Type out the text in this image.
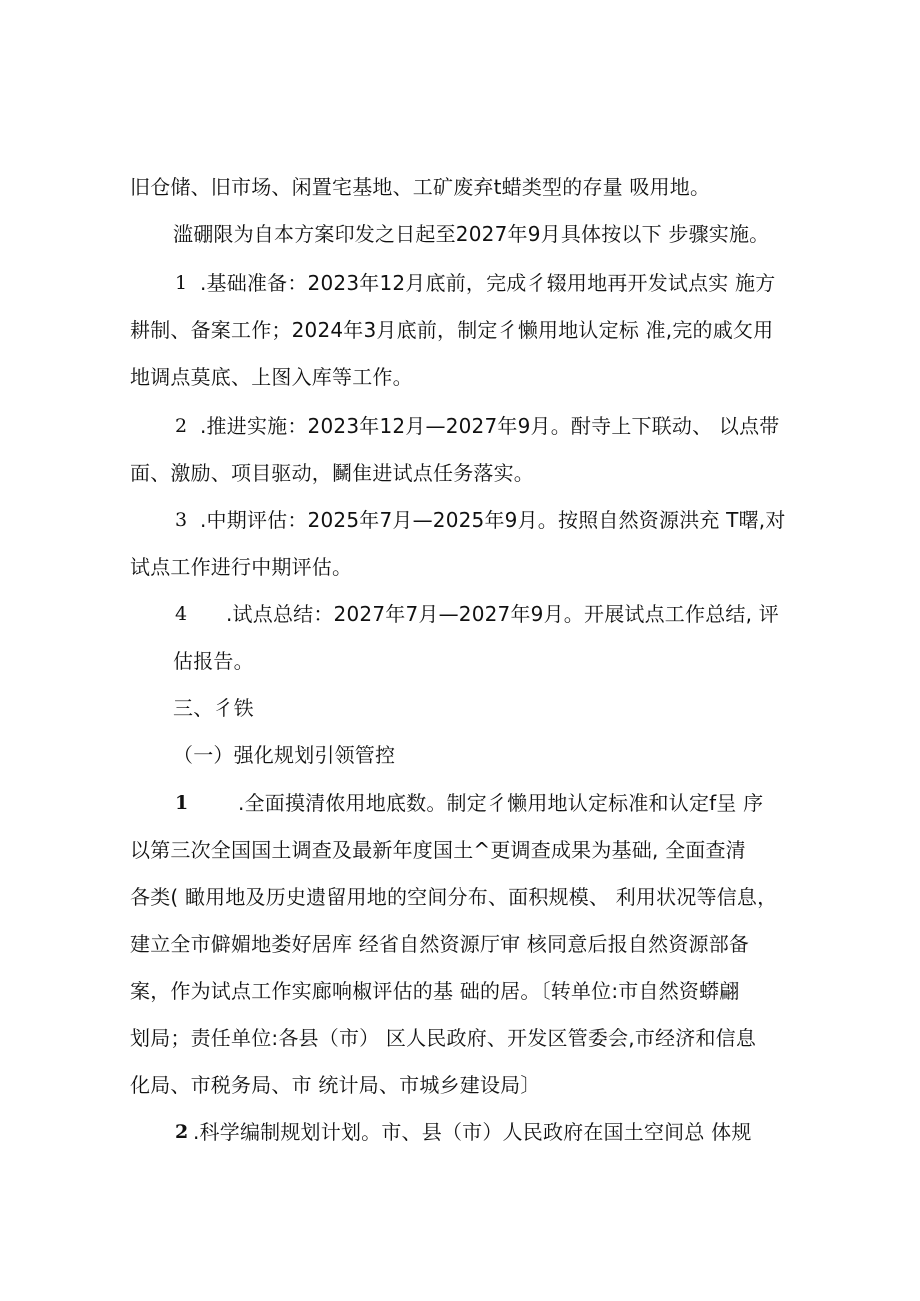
旧仓储、旧市场、闲置宅基地、工矿废弃t蜡类型的存量 吸用地。
滥硼限为自本方案印发之日起至2027年9月具体按以下 步骤实施。
1 .基础准备：2023年12月底前，完成彳辍用地再开发试点实 施方
耕制、备案工作；2024年3月底前，制定彳懒用地认定标 准,完的戚攵用
地调点莫底、上图入库等工作。
2 .推进实施：2023年12月—2027年9月。酎寺上下联动、 以点带
面、激励、项目驱动，鬭隹进试点任务落实。
3 .中期评估：2025年7月—2025年9月。按照自然资源洪充 T曙,对
试点工作进行中期评估。
4 .试点总结：2027年7月—2027年9月。开展试点工作总结, 评
估报告。
三、彳铁
（一）强化规划引领管控
1 .全面摸清侬用地底数。制定彳懒用地认定标准和认定f呈 序
以第三次全国国土调查及最新年度国土^更调查成果为基础, 全面查清
各类( 瞰用地及历史遗留用地的空间分布、面积规模、 利用状况等信息，
建立全市僻媚地娄好居库 经省自然资源厅审 核同意后报自然资源部备
案，作为试点工作实廊响椒评估的基 础的居。〔转单位:市自然资蟒翩
划局；责任单位:各县（市） 区人民政府、开发区管委会,市经济和信息
化局、市税务局、市 统计局、市城乡建设局〕
2 .科学编制规划计划。市、县（市）人民政府在国土空间总 体规
